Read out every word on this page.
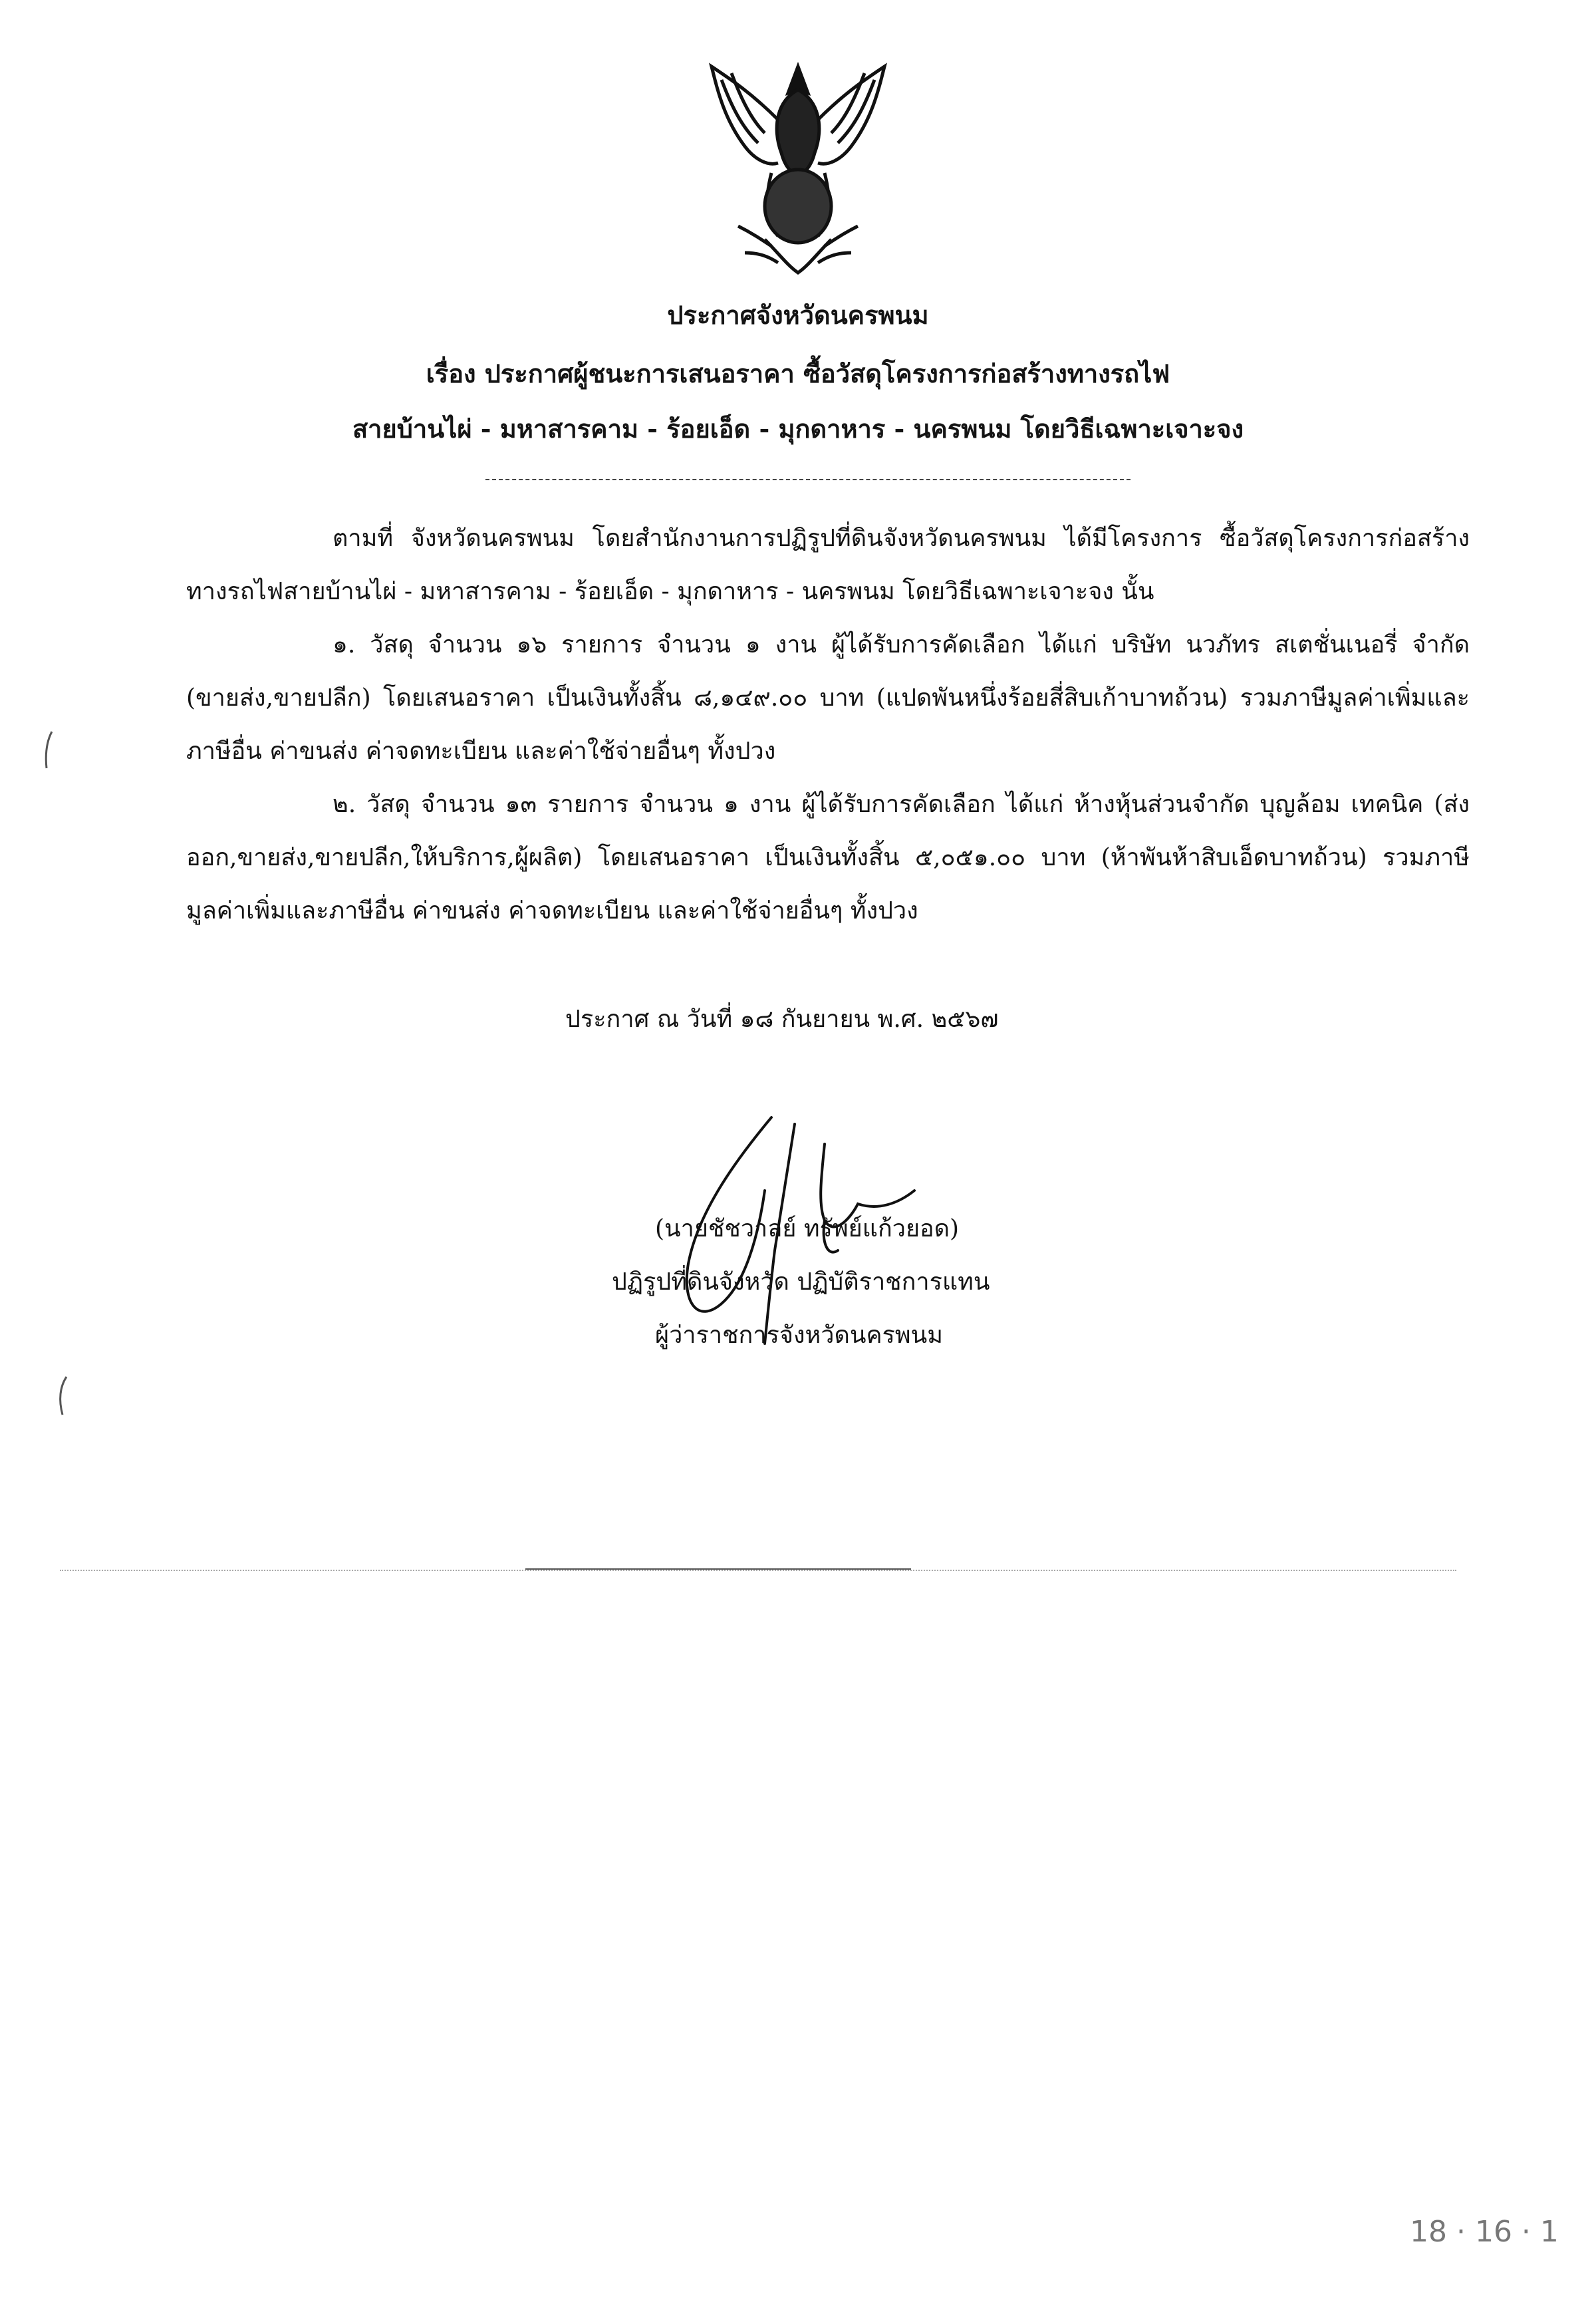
ประกาศจังหวัดนครพนม
เรื่อง ประกาศผู้ชนะการเสนอราคา ซื้อวัสดุโครงการก่อสร้างทางรถไฟ
สายบ้านไผ่ - มหาสารคาม - ร้อยเอ็ด - มุกดาหาร - นครพนม โดยวิธีเฉพาะเจาะจง

ตามที่ จังหวัดนครพนม โดยสำนักงานการปฏิรูปที่ดินจังหวัดนครพนม ได้มีโครงการ ซื้อวัสดุโครงการก่อสร้างทางรถไฟสายบ้านไผ่ - มหาสารคาม - ร้อยเอ็ด - มุกดาหาร - นครพนม โดยวิธีเฉพาะเจาะจง นั้น

๑. วัสดุ จำนวน ๑๖ รายการ จำนวน ๑ งาน ผู้ได้รับการคัดเลือก ได้แก่ บริษัท นวภัทร สเตชั่นเนอรี่ จำกัด (ขายส่ง,ขายปลีก) โดยเสนอราคา เป็นเงินทั้งสิ้น ๘,๑๔๙.๐๐ บาท (แปดพันหนึ่งร้อยสี่สิบเก้าบาทถ้วน) รวมภาษีมูลค่าเพิ่มและภาษีอื่น ค่าขนส่ง ค่าจดทะเบียน และค่าใช้จ่ายอื่นๆ ทั้งปวง

๒. วัสดุ จำนวน ๑๓ รายการ จำนวน ๑ งาน ผู้ได้รับการคัดเลือก ได้แก่ ห้างหุ้นส่วนจำกัด บุญล้อม เทคนิค (ส่งออก,ขายส่ง,ขายปลีก,ให้บริการ,ผู้ผลิต) โดยเสนอราคา เป็นเงินทั้งสิ้น ๕,๐๕๑.๐๐ บาท (ห้าพันห้าสิบเอ็ดบาทถ้วน) รวมภาษีมูลค่าเพิ่มและภาษีอื่น ค่าขนส่ง ค่าจดทะเบียน และค่าใช้จ่ายอื่นๆ ทั้งปวง

ประกาศ ณ วันที่ ๑๘ กันยายน พ.ศ. ๒๕๖๗
(นายชัชวาลย์ ทรัพย์แก้วยอด)
ปฏิรูปที่ดินจังหวัด ปฏิบัติราชการแทน
ผู้ว่าราชการจังหวัดนครพนม
18 · 16 · 1
